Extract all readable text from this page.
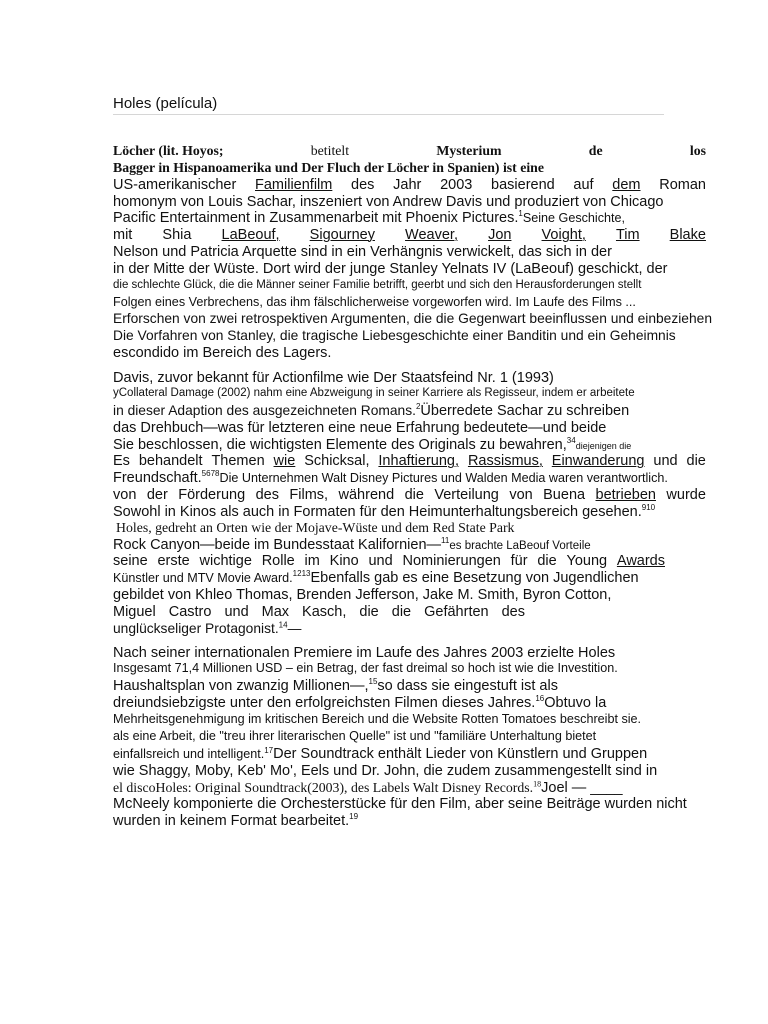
Holes (película)
Löcher (lit. Hoyos;	betitelt	Mysterium	de	los
Bagger in Hispanoamerika und Der Fluch der Löcher in Spanien) ist eine
US-amerikanischer Familienfilm des Jahr 2003 basierend auf dem Roman
homonym von Louis Sachar, inszeniert von Andrew Davis und produziert von Chicago
Pacific Entertainment in Zusammenarbeit mit Phoenix Pictures.$^1$Seine Geschichte,
mit Shia LaBeouf, Sigourney Weaver, Jon Voight, Tim Blake
Nelson und Patricia Arquette sind in ein Verhängnis verwickelt, das sich in der
in der Mitte der Wüste. Dort wird der junge Stanley Yelnats IV (LaBeouf) geschickt, der
die schlechte Glück, die die Männer seiner Familie betrifft, geerbt und sich den Herausforderungen stellt
Folgen eines Verbrechens, das ihm fälschlicherweise vorgeworfen wird. Im Laufe des Films ...
Erforschen von zwei retrospektiven Argumenten, die die Gegenwart beeinflussen und einbeziehen
Die Vorfahren von Stanley, die tragische Liebesgeschichte einer Banditin und ein Geheimnis
escondido im Bereich des Lagers.
Davis, zuvor bekannt für Actionfilme wie Der Staatsfeind Nr. 1 (1993)
yCollateral Damage (2002) nahm eine Abzweigung in seiner Karriere als Regisseur, indem er arbeitete
in dieser Adaption des ausgezeichneten Romans.$^2$Überredete Sachar zu schreiben
das Drehbuch—was für letzteren eine neue Erfahrung bedeutete—und beide
Sie beschlossen, die wichtigsten Elemente des Originals zu bewahren,$^{34}$diejenigen die
Es behandelt Themen wie Schicksal, Inhaftierung, Rassismus, Einwanderung und die
Freundschaft.$^{5678}$Die Unternehmen Walt Disney Pictures und Walden Media waren verantwortlich.
von der Förderung des Films, während die Verteilung von Buena betrieben wurde
Sowohl in Kinos als auch in Formaten für den Heimunterhaltungsbereich gesehen.$^{910}$
Holes, gedreht an Orten wie der Mojave-Wüste und dem Red State Park
Rock Canyon—beide im Bundesstaat Kalifornien—$^{11}$es brachte LaBeouf Vorteile
seine erste wichtige Rolle im Kino und Nominierungen für die Young Awards
Künstler und MTV Movie Award.$^{1213}$Ebenfalls gab es eine Besetzung von Jugendlichen
gebildet von Khleo Thomas, Brenden Jefferson, Jake M. Smith, Byron Cotton,
Miguel Castro und Max Kasch, die die Gefährten des
unglückseliger Protagonist.$^{14}$—
Nach seiner internationalen Premiere im Laufe des Jahres 2003 erzielte Holes
Insgesamt 71,4 Millionen USD – ein Betrag, der fast dreimal so hoch ist wie die Investition.
Haushaltsplan von zwanzig Millionen—,$^{15}$so dass sie eingestuft ist als
dreiundsiebzigste unter den erfolgreichsten Filmen dieses Jahres.$^{16}$Obtuvo la
Mehrheitsgenehmigung im kritischen Bereich und die Website Rotten Tomatoes beschreibt sie.
als eine Arbeit, die "treu ihrer literarischen Quelle" ist und "familiäre Unterhaltung bietet
einfallsreich und intelligent.$^{17}$Der Soundtrack enthält Lieder von Künstlern und Gruppen
wie Shaggy, Moby, Keb' Mo', Eels und Dr. John, die zudem zusammengestellt sind in
el discoHoles: Original Soundtrack(2003), des Labels Walt Disney Records.$^{18}$Joel — ____
McNeely komponierte die Orchesterstücke für den Film, aber seine Beiträge wurden nicht
wurden in keinem Format bearbeitet.$^{19}$
